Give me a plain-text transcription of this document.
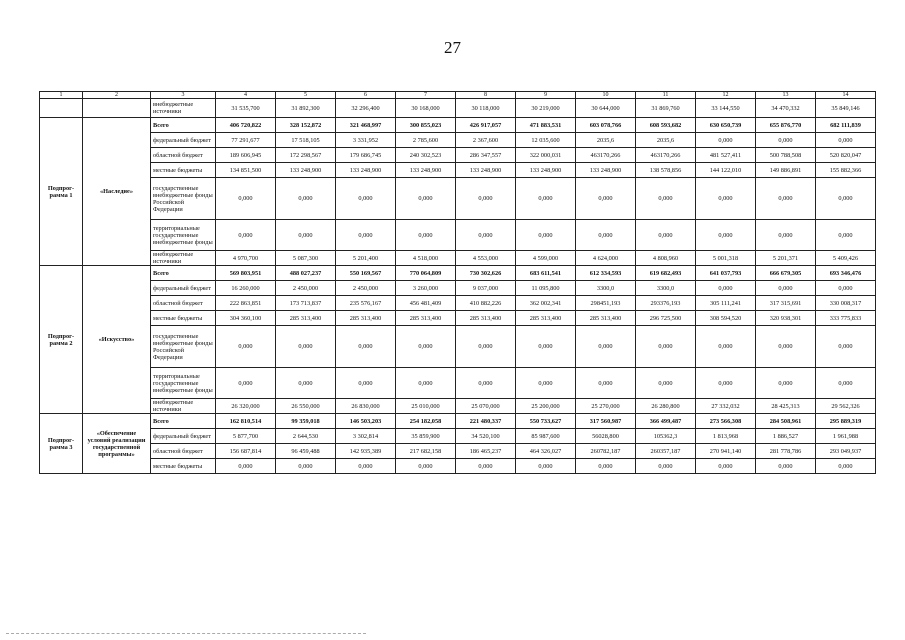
27
1	2	3	4	5	6	7	8	9	10	11	12	13	14
		внебюджетные источники	31 535,700	31 892,300	32 296,400	30 168,000	30 118,000	30 219,000	30 644,000	31 869,760	33 144,550	34 470,332	35 849,146
Подпрог- рамма 1	«Наследие»	Всего	406 720,822	328 152,872	321 468,997	300 855,023	426 917,057	471 883,531	603 078,766	608 593,682	630 650,739	655 876,770	682 111,839
		федеральный бюджет	77 291,677	17 518,105	3 331,952	2 785,600	2 367,600	12 035,600	2035,6	2035,6	0,000	0,000	0,000
		областной бюджет	189 606,945	172 298,567	179 686,745	240 302,523	286 347,557	322 000,031	463170,266	463170,266	481 527,411	500 788,508	520 820,047
		местные бюджеты	134 851,500	133 248,900	133 248,900	133 248,900	133 248,900	133 248,900	133 248,900	138 578,856	144 122,010	149 886,891	155 882,366
		государственные внебюджетные фонды Российской Федерации	0,000	0,000	0,000	0,000	0,000	0,000	0,000	0,000	0,000	0,000	0,000
		территориальные государственные внебюджетные фонды	0,000	0,000	0,000	0,000	0,000	0,000	0,000	0,000	0,000	0,000	0,000
		внебюджетные источники	4 970,700	5 087,300	5 201,400	4 518,000	4 553,000	4 599,000	4 624,000	4 808,960	5 001,318	5 201,371	5 409,426
Подпрог- рамма 2	«Искусство»	Всего	569 803,951	488 027,237	550 169,567	770 064,809	730 302,626	683 611,541	612 334,593	619 682,493	641 037,793	666 679,305	693 346,476
		федеральный бюджет	16 260,000	2 450,000	2 450,000	3 260,000	9 037,000	11 095,800	3300,0	3300,0	0,000	0,000	0,000
		областной бюджет	222 863,851	173 713,837	235 576,167	456 481,409	410 882,226	362 002,341	298451,193	293376,193	305 111,241	317 315,691	330 008,317
		местные бюджеты	304 360,100	285 313,400	285 313,400	285 313,400	285 313,400	285 313,400	285 313,400	296 725,500	308 594,520	320 938,301	333 775,833
		государственные внебюджетные фонды Российской Федерации	0,000	0,000	0,000	0,000	0,000	0,000	0,000	0,000	0,000	0,000	0,000
		территориальные государственные внебюджетные фонды	0,000	0,000	0,000	0,000	0,000	0,000	0,000	0,000	0,000	0,000	0,000
		внебюджетные источники	26 320,000	26 550,000	26 830,000	25 010,000	25 070,000	25 200,000	25 270,000	26 280,800	27 332,032	28 425,313	29 562,326
Подпрог- рамма 3	«Обеспечение условий реализации государственной программы»	Всего	162 810,514	99 359,018	146 503,203	254 182,058	221 480,337	550 733,627	317 560,987	366 499,487	273 566,308	284 508,961	295 889,319
		федеральный бюджет	5 877,700	2 644,530	3 302,814	35 859,900	34 520,100	85 987,600	56028,800	105362,3	1 813,968	1 886,527	1 961,988
		областной бюджет	156 687,814	96 459,488	142 935,389	217 682,158	186 465,237	464 326,027	260782,187	260357,187	270 941,140	281 778,786	293 049,937
		местные бюджеты	0,000	0,000	0,000	0,000	0,000	0,000	0,000	0,000	0,000	0,000	0,000
